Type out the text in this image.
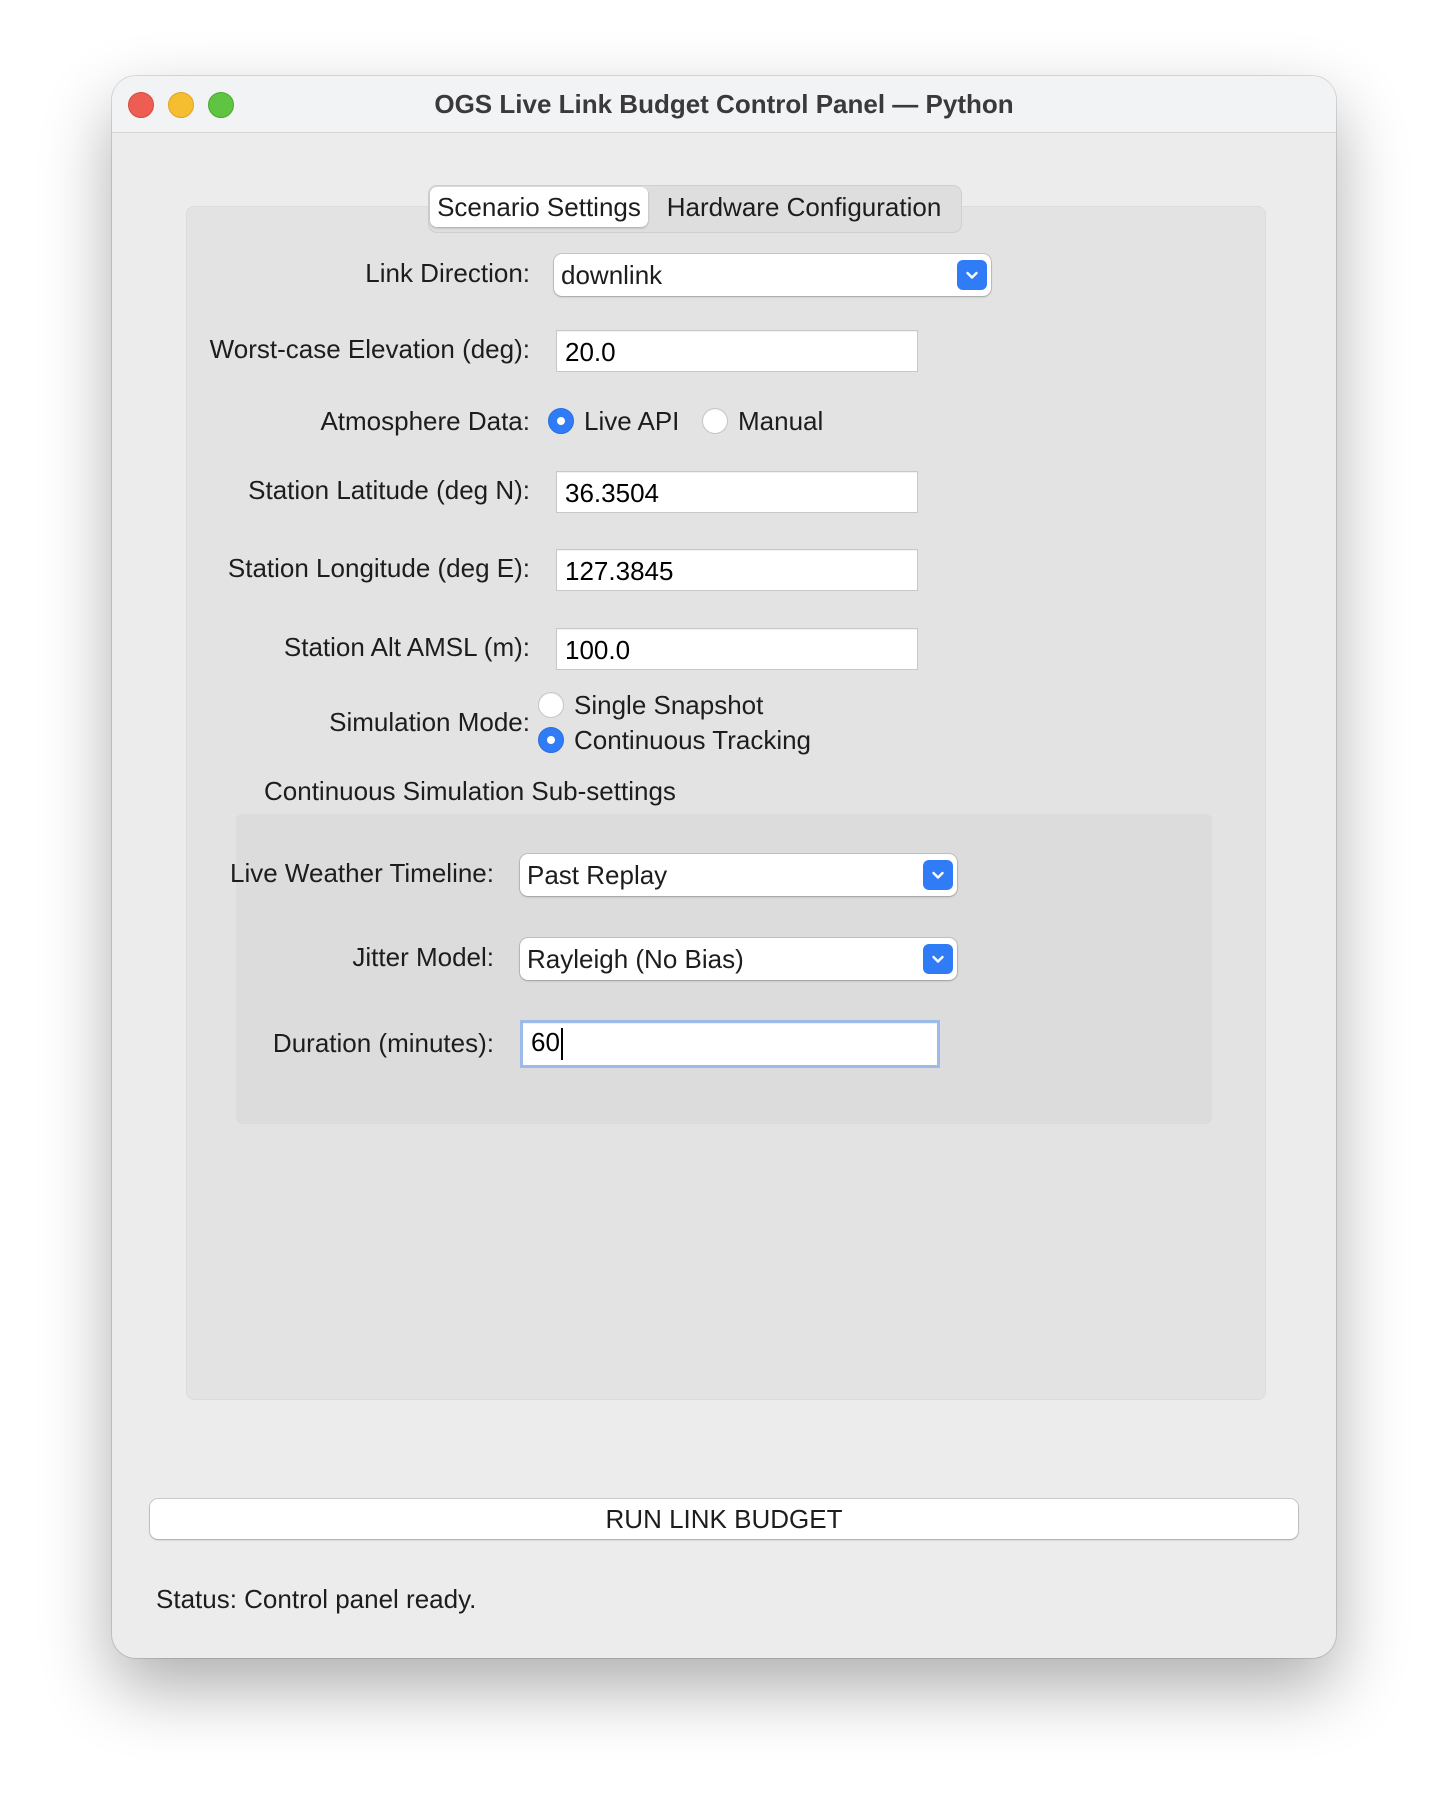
OGS Live Link Budget Control Panel — Python
Scenario Settings Hardware Configuration
Link Direction: downlink
Worst-case Elevation (deg):	20.0
Atmosphere Data: Live API Manual
Station Latitude (deg N):	36.3504
Station Longitude (deg E):	127.3845
Station Alt AMSL (m):	100.0
Simulation Mode:
Single Snapshot
Continuous Tracking
Continuous Simulation Sub-settings
Live Weather Timeline: Past Replay
Jitter Model: Rayleigh (No Bias)
Duration (minutes):	60
RUN LINK BUDGET
Status: Control panel ready.
